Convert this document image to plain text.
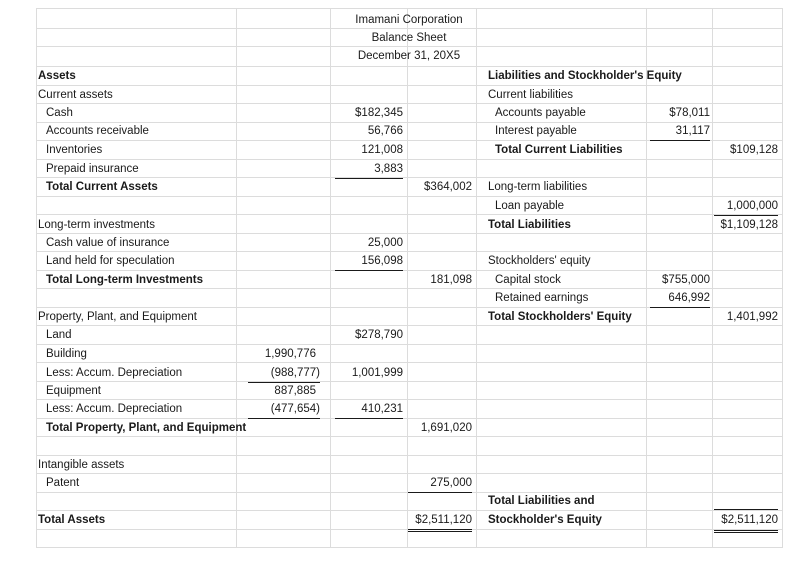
Imamani Corporation
Balance Sheet
December 31, 20X5
Assets
Current assets
Cash	$182,345
Accounts receivable	56,766
Inventories	121,008
Prepaid insurance	3,883
Total Current Assets	$364,002
Long-term investments
Cash value of insurance	25,000
Land held for speculation	156,098
Total Long-term Investments	181,098
Property, Plant, and Equipment
Land	$278,790
Building	1,990,776
Less: Accum. Depreciation	(988,777)	1,001,999
Equipment	887,885
Less: Accum. Depreciation	(477,654)	410,231
Total Property, Plant, and Equipment	1,691,020
Intangible assets
Patent	275,000
Total Assets	$2,511,120
Liabilities and Stockholder's Equity
Current liabilities
Accounts payable	$78,011
Interest payable	31,117
Total Current Liabilities	$109,128
Long-term liabilities
Loan payable	1,000,000
Total Liabilities	$1,109,128
Stockholders' equity
Capital stock	$755,000
Retained earnings	646,992
Total Stockholders' Equity	1,401,992
Total Liabilities and
Stockholder's Equity	$2,511,120
